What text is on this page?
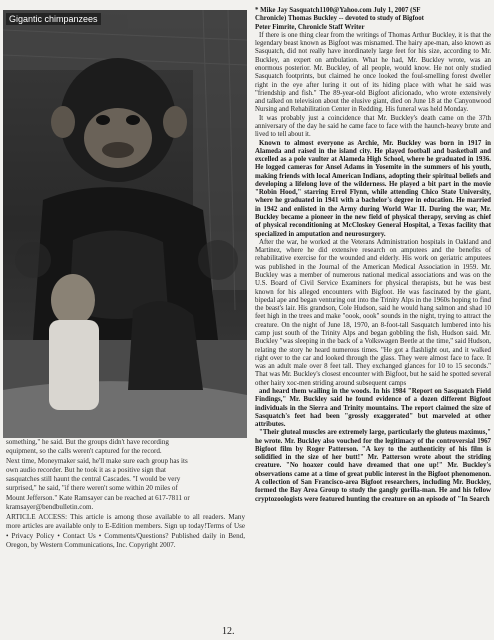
Gigantic chimpanzees

something," he said. But the groups didn't have recording

equipment, so the calls weren't captured for the record.

Next time, Moneymaker said, he'll make sure each group has its

own audio recorder. But he took it as a positive sign that

sasquatches still haunt the central Cascades. "I would be very

surprised," he said, "if there weren't some within 20 miles of

Mount Jefferson." Kate Ramsayer can be reached at 617-7811 or

kramsayer@bendbulletin.com.

ARTICLE ACCESS: This article is among those available to all readers. Many more articles are available only to E-Edition members. Sign up today!Terms of Use • Privacy Policy • Contact Us • Comments/Questions? Published daily in Bend, Oregon, by Western Communications, Inc. Copyright 2007.

* Mike Jay Sasquatch1100@Yahoo.com July 1, 2007 (SF

Chronicle) Thomas Buckley -- devoted to study of Bigfoot

Peter Fimrite, Chronicle Staff Writer

If there is one thing clear from the writings of Thomas Arthur Buckley, it is that the legendary beast known as Bigfoot was misnamed. The hairy ape-man, also known as Sasquatch, did not really have inordinately large feet for his size, according to Mr. Buckley, an expert on ambulation. What he had, Mr. Buckley wrote, was an enormous posterior. Mr. Buckley, of all people, would know. He not only studied Sasquatch footprints, but claimed he once looked the foul-smelling forest dweller right in the eye after luring it out of its hiding place with what he said was "friendship and fish." The 89-year-old Bigfoot aficionado, who wrote extensively and talked on television about the elusive giant, died on June 18 at the Canyonwood Nursing and Rehabilitation Center in Redding. His funeral was held Monday.

It was probably just a coincidence that Mr. Buckley's death came on the 37th anniversary of the day he said he came face to face with the haunch-heavy brute and lived to tell about it.

Known to almost everyone as Archie, Mr. Buckley was born in 1917 in Alameda and raised in the island city. He played football and basketball and excelled as a pole vaulter at Alameda High School, where he graduated in 1936. He logged cameras for Ansel Adams in Yosemite in the summers of his youth, making friends with local American Indians, adopting their spiritual beliefs and developing a lifelong love of the wilderness. He played a bit part in the movie "Robin Hood," starring Errol Flynn, while attending Chico State University, where he graduated in 1941 with a bachelor's degree in education. He married in 1942 and enlisted in the Army during World War II. During the war, Mr. Buckley became a pioneer in the new field of physical therapy, serving as chief of physical reconditioning at McCloskey General Hospital, a Texas facility that specialized in amputation and neurosurgery.

After the war, he worked at the Veterans Administration hospitals in Oakland and Martinez, where he did extensive research on amputees and the benefits of rehabilitative exercise for the wounded and elderly. His work on geriatric amputees was published in the Journal of the American Medical Association in 1959. Mr. Buckley was a member of numerous national medical associations and was on the U.S. Board of Civil Service Examiners for physical therapists, but he was best known for his alleged encounters with Bigfoot. He was fascinated by the giant, bipedal ape and began venturing out into the Trinity Alps in the 1960s hoping to find the beast's lair. His grandson, Cole Hudson, said he would hang salmon and shad 10 feet high in the trees and make "oook, oook" sounds in the night, trying to attract the creature. On the night of June 18, 1970, an 8-foot-tall Sasquatch lumbered into his camp just south of the Trinity Alps and began gobbling the fish, Hudson said. Mr. Buckley "was sleeping in the back of a Volkswagen Beetle at the time," said Hudson, relating the story he heard numerous times. "He got a flashlight out, and it walked right over to the car and looked through the glass. They were almost face to face. It was an adult male over 8 feet tall. They exchanged glances for 10 to 15 seconds." That was Mr. Buckley's closest encounter with Bigfoot, but he said he spotted several other hairy xoc-men striding around subsequent camps

and heard them wailing in the woods. In his 1984 "Report on Sasquatch Field Findings," Mr. Buckley said he found evidence of a dozen different Bigfoot individuals in the Sierra and Trinity mountains. The report claimed the size of Sasquatch's feet had been "grossly exaggerated" but marveled at other attributes.

"Their gluteal muscles are extremely large, particularly the gluteus maximus," he wrote. Mr. Buckley also vouched for the legitimacy of the controversial 1967 Bigfoot film by Roger Patterson. "A key to the authenticity of his film is solidified in the size of her butt!" Mr. Patterson wrote about the striding creature. "No hoaxer could have dreamed that one up!" Mr. Buckley's observations came at a time of great public interest in the Bigfoot phenomenon. A collection of San Francisco-area Bigfoot researchers, including Mr. Buckley, formed the Bay Area Group to study the gangly gorilla-man. He and his fellow cryptozoologists were featured hunting the creature on an episode of "In Search

12.
